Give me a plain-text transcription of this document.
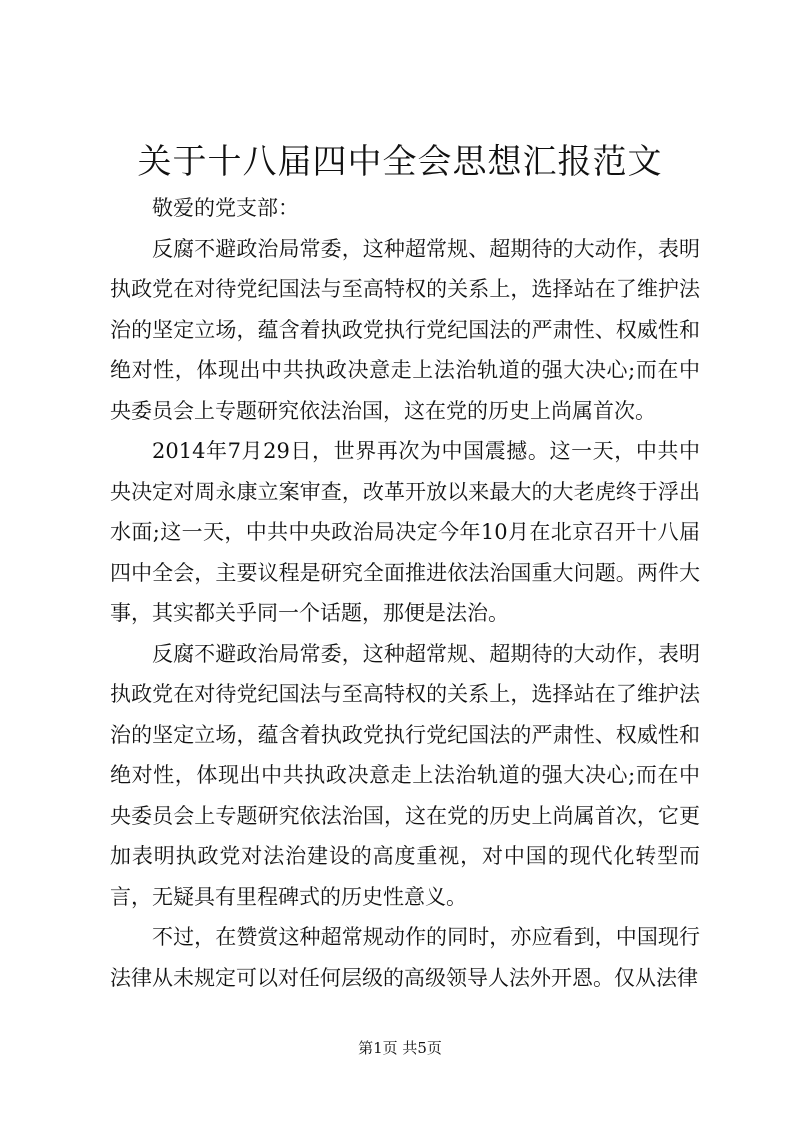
关于十八届四中全会思想汇报范文

敬爱的党支部：

反腐不避政治局常委，这种超常规、超期待的大动作，表明执政党在对待党纪国法与至高特权的关系上，选择站在了维护法治的坚定立场，蕴含着执政党执行党纪国法的严肃性、权威性和绝对性，体现出中共执政决意走上法治轨道的强大决心;而在中央委员会上专题研究依法治国，这在党的历史上尚属首次。

2014年7月29日，世界再次为中国震撼。这一天，中共中央决定对周永康立案审查，改革开放以来最大的大老虎终于浮出水面;这一天，中共中央政治局决定今年10月在北京召开十八届四中全会，主要议程是研究全面推进依法治国重大问题。两件大事，其实都关乎同一个话题，那便是法治。

反腐不避政治局常委，这种超常规、超期待的大动作，表明执政党在对待党纪国法与至高特权的关系上，选择站在了维护法治的坚定立场，蕴含着执政党执行党纪国法的严肃性、权威性和绝对性，体现出中共执政决意走上法治轨道的强大决心;而在中央委员会上专题研究依法治国，这在党的历史上尚属首次，它更加表明执政党对法治建设的高度重视，对中国的现代化转型而言，无疑具有里程碑式的历史性意义。

不过，在赞赏这种超常规动作的同时，亦应看到，中国现行法律从未规定可以对任何层级的高级领导人法外开恩。仅从法律

第1页 共5页
